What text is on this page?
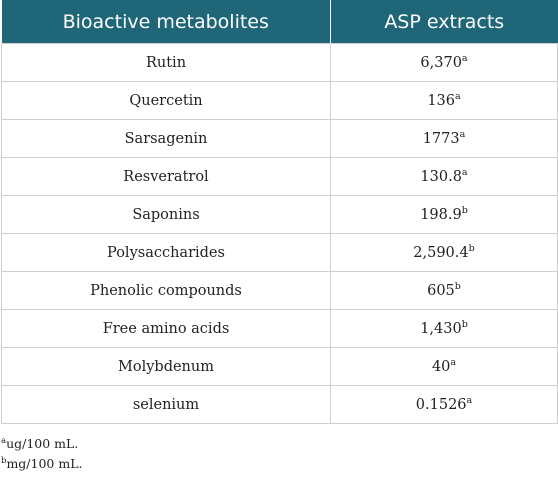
Bioactive metabolites	ASP extracts
Rutin	6,370$^a$
Quercetin	136$^a$
Sarsagenin	1773$^a$
Resveratrol	130.8$^a$
Saponins	198.9$^b$
Polysaccharides	2,590.4$^b$
Phenolic compounds	605$^b$
Free amino acids	1,430$^b$
Molybdenum	40$^a$
selenium	0.1526$^a$
$^a$ug/100 mL.
$^b$mg/100 mL.
